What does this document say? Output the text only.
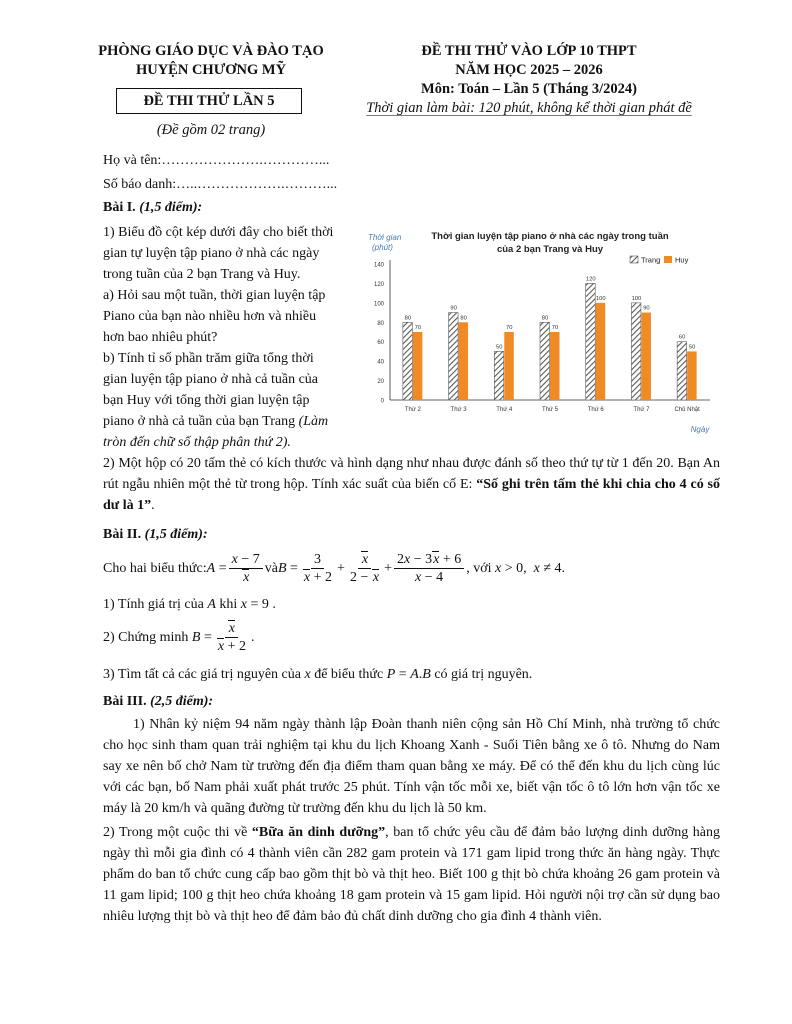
PHÒNG GIÁO DỤC VÀ ĐÀO TẠO
HUYỆN CHƯƠNG MỸ
ĐỀ THI THỬ LẦN 5
(Đề gồm 02 trang)
ĐỀ THI THỬ VÀO LỚP 10 THPT
NĂM HỌC 2025 – 2026
Môn: Toán – Lần 5 (Tháng 3/2024)
Thời gian làm bài: 120 phút, không kể thời gian phát đề
Họ và tên:………………….…………...
Số báo danh:…..……………….………...
Bài I. (1,5 điểm):
1) Biểu đồ cột kép dưới đây cho biết thời
gian tự luyện tập piano ở nhà các ngày
trong tuần của 2 bạn Trang và Huy.
a) Hỏi sau một tuần, thời gian luyện tập
Piano của bạn nào nhiều hơn và nhiều
hơn bao nhiêu phút?
b) Tính tỉ số phần trăm giữa tổng thời
gian luyện tập piano ở nhà cả tuần của
bạn Huy với tổng thời gian luyện tập
piano ở nhà cả tuần của bạn Trang (Làm
tròn đến chữ số thập phân thứ 2).
Thời gian luyện tập piano ở nhà các ngày trong tuần
của 2 bạn Trang và Huy
Thời gian
(phút)
Ngày
0
20
40
60
80
100
120
140
Trang Huy
80
70
Thứ 2
90
80
Thứ 3
50
70
Thứ 4
80
70
Thứ 5
120
100
Thứ 6
100
90
Thứ 7
60
50
Chủ Nhật
2) Một hộp có 20 tấm thẻ có kích thước và hình dạng như nhau được đánh số theo thứ tự từ 1 đến 20. Bạn An rút ngẫu nhiên một thẻ từ trong hộp. Tính xác suất của biến cố E: “Số ghi trên tấm thẻ khi chia cho 4 có số dư là 1”.
Bài II. (1,5 điểm):
Cho hai biểu thức: $A = \frac{x - 7}{x}$ và $B = \frac{3}{x + 2} + \frac{x}{2 - x} + \frac{2x - 3x + 6}{x - 4}$ , với
x > 0, x ≠ 4.
1) Tính giá trị của A khi x = 9 .
2) Chứng minh
$B = \frac{x}{x + 2}$ .
3) Tìm tất cả các giá trị nguyên của x để biểu thức P = A.B có giá trị nguyên.
Bài III. (2,5 điểm):
1) Nhân kỷ niệm 94 năm ngày thành lập Đoàn thanh niên cộng sản Hồ Chí Minh, nhà trường tổ chức cho học sinh tham quan trải nghiệm tại khu du lịch Khoang Xanh - Suối Tiên bằng xe ô tô. Nhưng do Nam say xe nên bố chở Nam từ trường đến địa điểm tham quan bằng xe máy. Để có thể đến khu du lịch cùng lúc với các bạn, bố Nam phải xuất phát trước 25 phút. Tính vận tốc mỗi xe, biết vận tốc ô tô lớn hơn vận tốc xe máy là 20 km/h và quãng đường từ trường đến khu du lịch là 50 km.
2) Trong một cuộc thi về “Bữa ăn dinh dưỡng”, ban tổ chức yêu cầu để đảm bảo lượng dinh dưỡng hàng ngày thì mỗi gia đình có 4 thành viên cần 282 gam protein và 171 gam lipid trong thức ăn hàng ngày. Thực phẩm do ban tổ chức cung cấp bao gồm thịt bò và thịt heo. Biết 100 g thịt bò chứa khoảng 26 gam protein và 11 gam lipid; 100 g thịt heo chứa khoảng 18 gam protein và 15 gam lipid. Hỏi người nội trợ cần sử dụng bao nhiêu lượng thịt bò và thịt heo để đảm bảo đủ chất dinh dưỡng cho gia đình 4 thành viên.
